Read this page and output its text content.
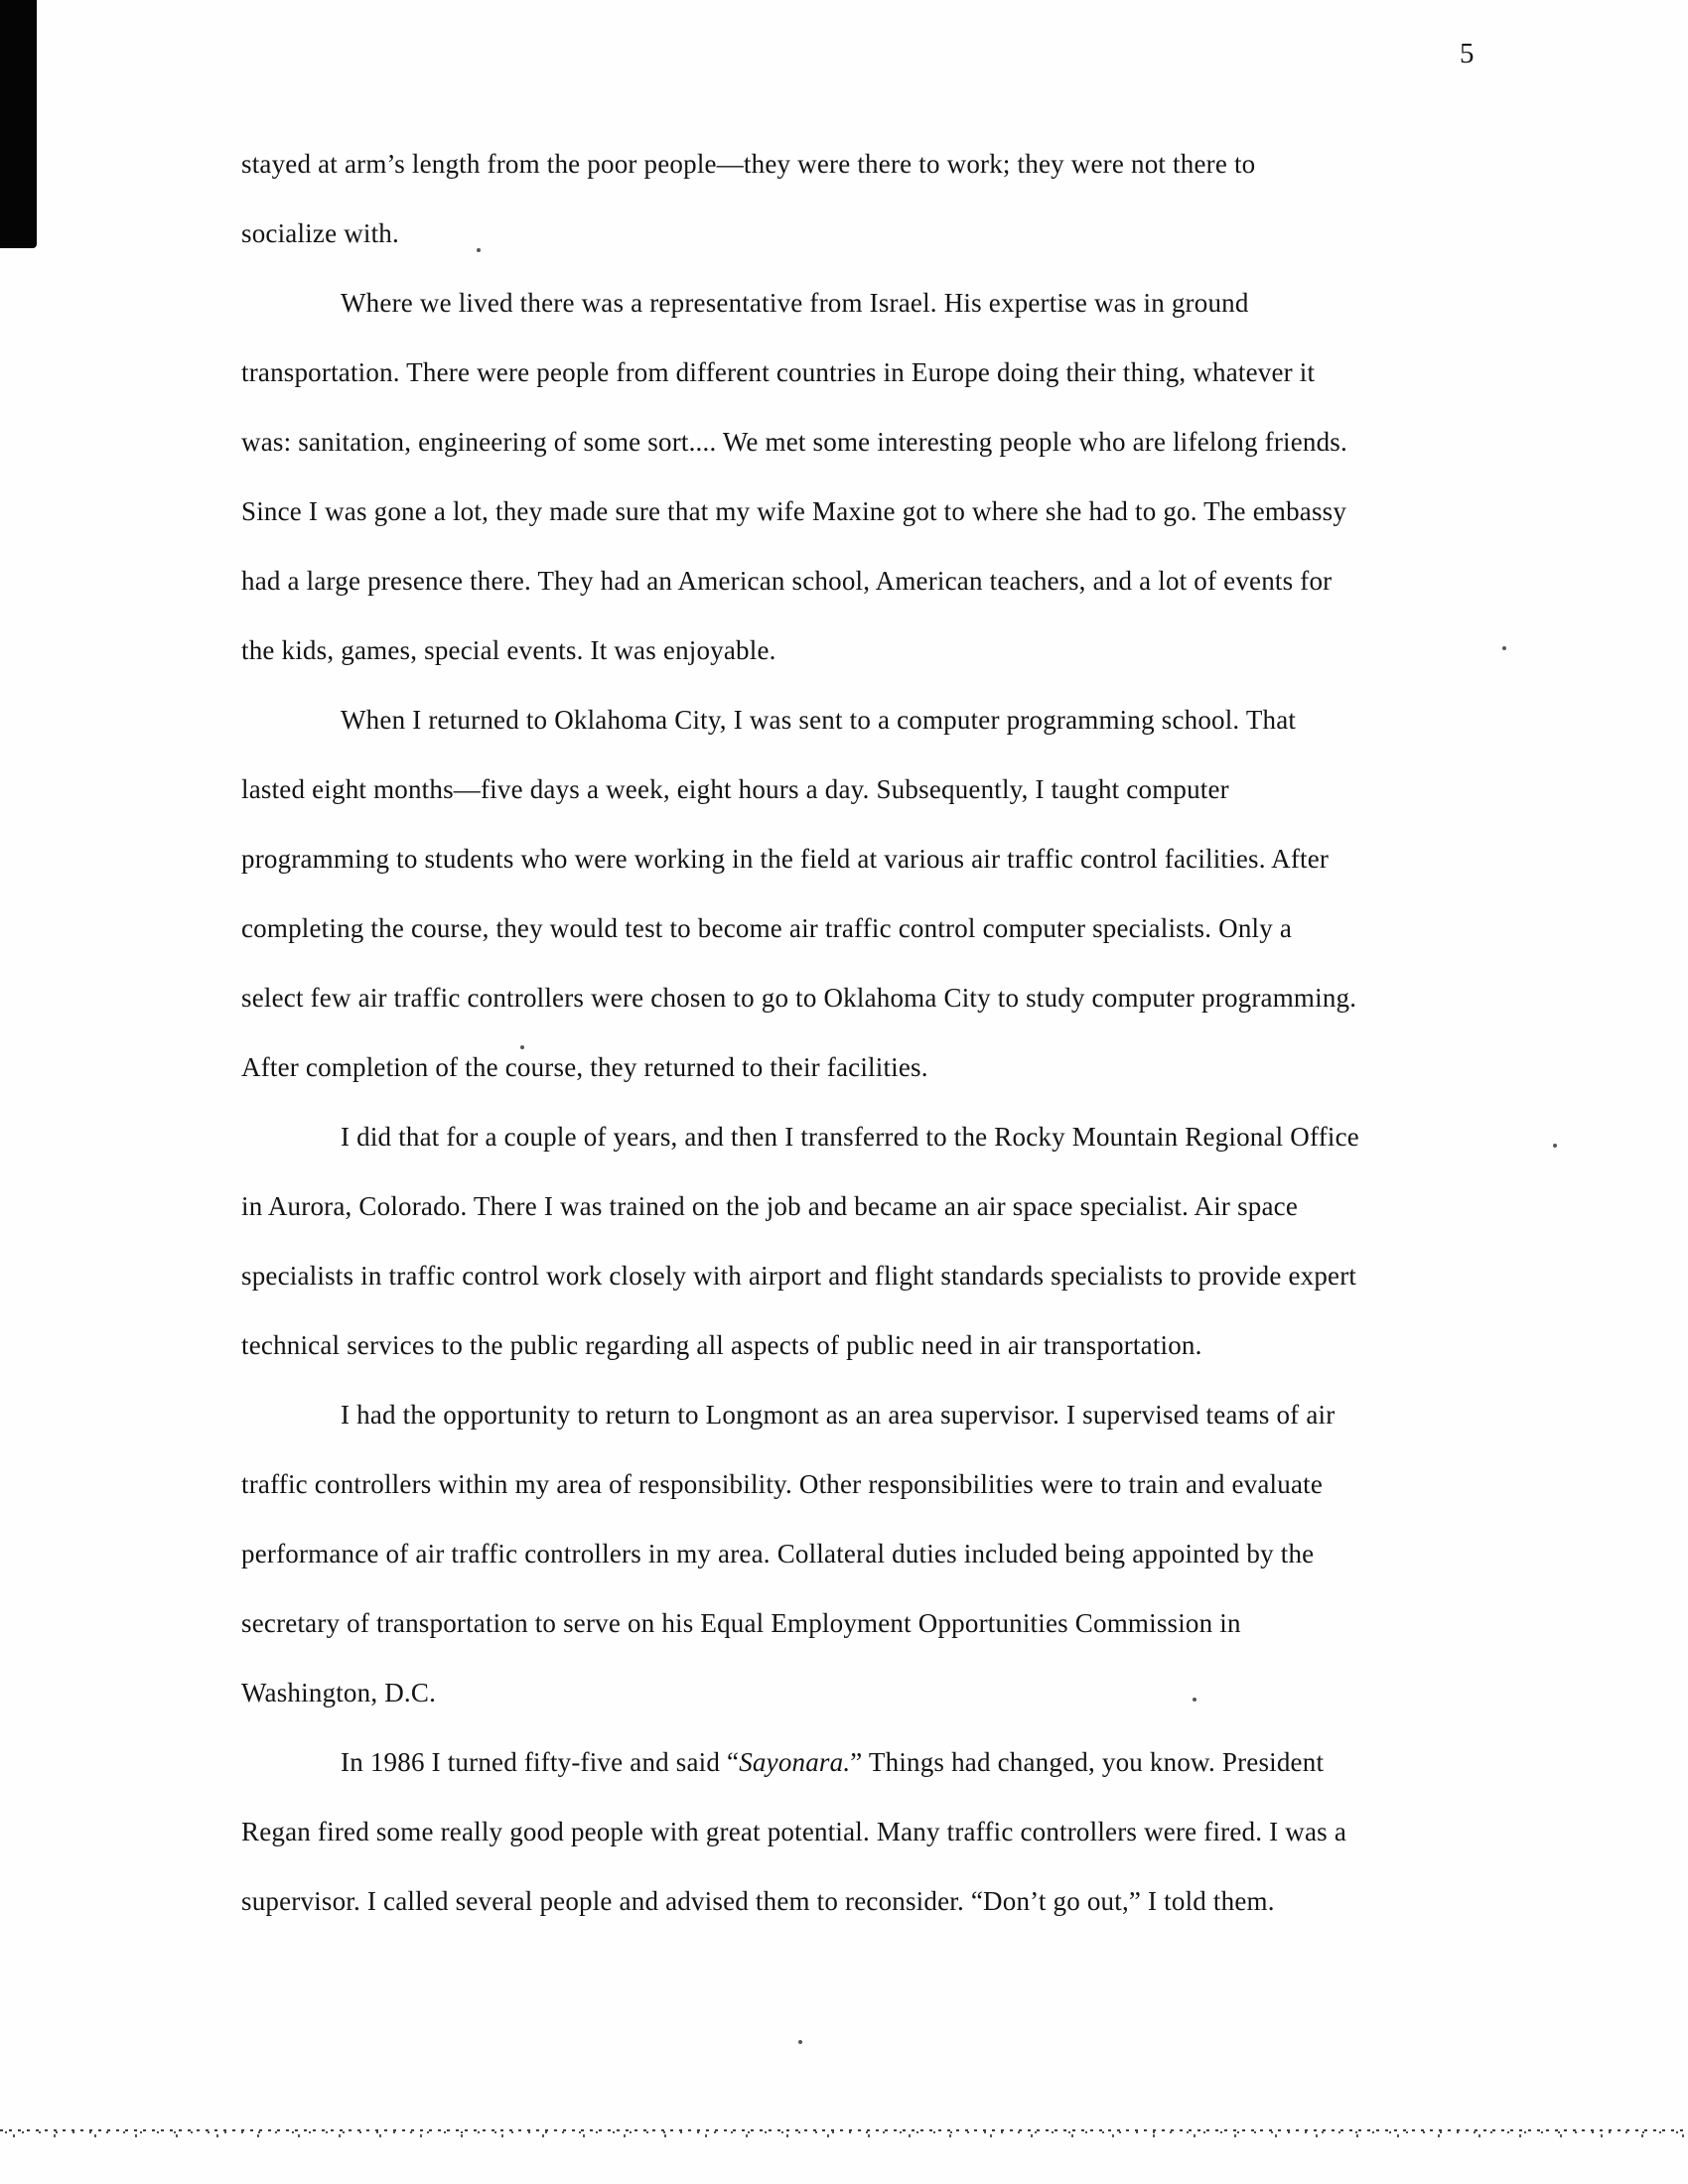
5
stayed at arm’s length from the poor people—they were there to work; they were not there to
socialize with.
Where we lived there was a representative from Israel. His expertise was in ground
transportation. There were people from different countries in Europe doing their thing, whatever it
was: sanitation, engineering of some sort.... We met some interesting people who are lifelong friends.
Since I was gone a lot, they made sure that my wife Maxine got to where she had to go. The embassy
had a large presence there. They had an American school, American teachers, and a lot of events for
the kids, games, special events. It was enjoyable.
When I returned to Oklahoma City, I was sent to a computer programming school. That
lasted eight months—five days a week, eight hours a day. Subsequently, I taught computer
programming to students who were working in the field at various air traffic control facilities. After
completing the course, they would test to become air traffic control computer specialists. Only a
select few air traffic controllers were chosen to go to Oklahoma City to study computer programming.
After completion of the course, they returned to their facilities.
I did that for a couple of years, and then I transferred to the Rocky Mountain Regional Office
in Aurora, Colorado. There I was trained on the job and became an air space specialist. Air space
specialists in traffic control work closely with airport and flight standards specialists to provide expert
technical services to the public regarding all aspects of public need in air transportation.
I had the opportunity to return to Longmont as an area supervisor. I supervised teams of air
traffic controllers within my area of responsibility. Other responsibilities were to train and evaluate
performance of air traffic controllers in my area. Collateral duties included being appointed by the
secretary of transportation to serve on his Equal Employment Opportunities Commission in
Washington, D.C.
In 1986 I turned fifty-five and said “Sayonara.” Things had changed, you know. President
Regan fired some really good people with great potential. Many traffic controllers were fired. I was a
supervisor. I called several people and advised them to reconsider. “Don’t go out,” I told them.
